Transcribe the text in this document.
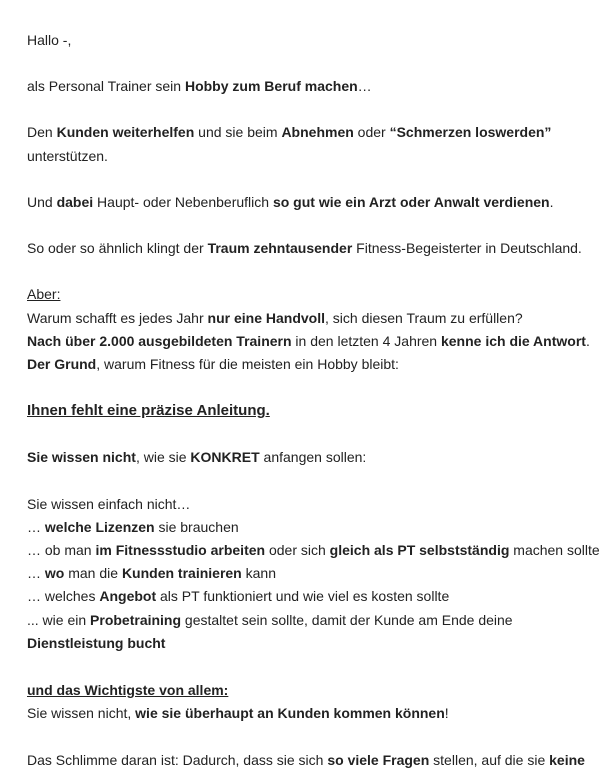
Hallo -,
als Personal Trainer sein Hobby zum Beruf machen…
Den Kunden weiterhelfen und sie beim Abnehmen oder “Schmerzen loswerden”
unterstützen.
Und dabei Haupt- oder Nebenberuflich so gut wie ein Arzt oder Anwalt verdienen.
So oder so ähnlich klingt der Traum zehntausender Fitness-Begeisterter in Deutschland.
Aber:
Warum schafft es jedes Jahr nur eine Handvoll, sich diesen Traum zu erfüllen?
Nach über 2.000 ausgebildeten Trainern in den letzten 4 Jahren kenne ich die Antwort.
Der Grund, warum Fitness für die meisten ein Hobby bleibt:
Ihnen fehlt eine präzise Anleitung.
Sie wissen nicht, wie sie KONKRET anfangen sollen:
Sie wissen einfach nicht…
… welche Lizenzen sie brauchen
… ob man im Fitnessstudio arbeiten oder sich gleich als PT selbstständig machen sollte
… wo man die Kunden trainieren kann
… welches Angebot als PT funktioniert und wie viel es kosten sollte
... wie ein Probetraining gestaltet sein sollte, damit der Kunde am Ende deine
Dienstleistung bucht
und das Wichtigste von allem:
Sie wissen nicht, wie sie überhaupt an Kunden kommen können!
Das Schlimme daran ist: Dadurch, dass sie sich so viele Fragen stellen, auf die sie keine
